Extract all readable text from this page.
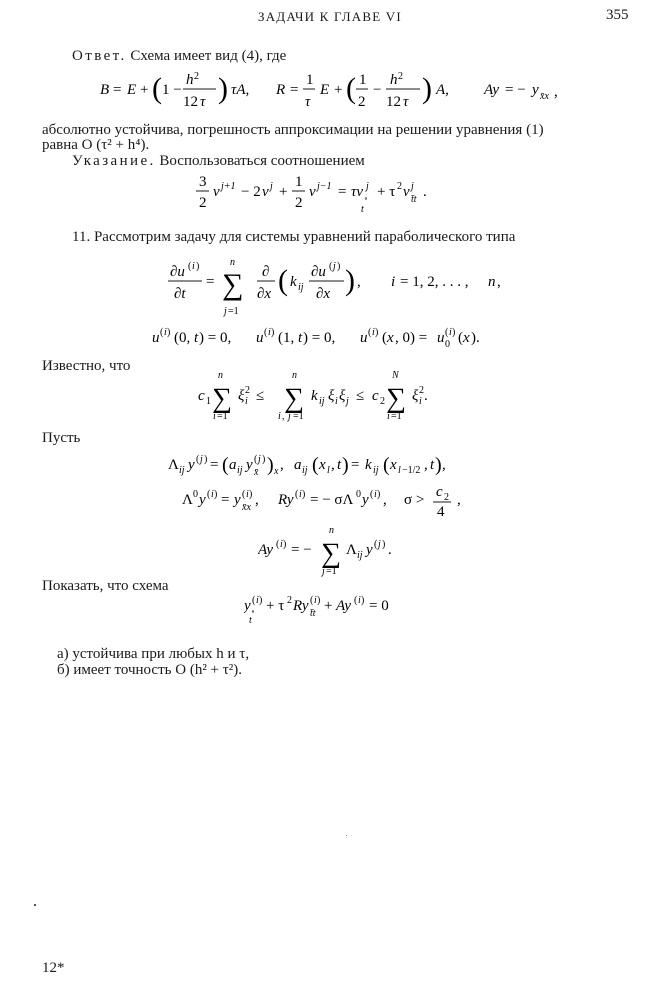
ЗАДАЧИ К ГЛАВЕ VI	355
Ответ. Схема имеет вид (4), где
B = E + ( 1 −
h 2
12 τ ) τA, R =
1
τ
E + ( 1
2
−
h 2
12 τ ) A, Ay = − y x̄x ,
абсолютно устойчива, погрешность аппроксимации на решении уравнения (1)
равна O (τ² + h⁴).
Указание. Воспользоваться соотношением
3
2
v j+1 − 2 v j +
1
2
v j−1 = τv j
∘
t
+ τ 2 v j
t̄t .
11. Рассмотрим задачу для системы уравнений параболического типа
∂u ( i )
∂t
=
n
∑
j =1
∂
∂x ( k ij
∂u ( j )
∂x ) , i = 1, 2, . . . , n ,
u ( i ) (0, t ) = 0, u ( i ) (1, t ) = 0, u ( i ) ( x , 0) = u ( i )
0 ( x ).
Известно, что
c 1
n
∑
i =1
ξ 2
i ≤
n
∑
i , j =1
k ij ξ i ξ j ≤ c 2
N
∑
i =1
ξ 2
i .
Пусть
Λ ij y ( j ) = ( a ij y ( j )
x̄ ) x , a ij ( x l , t ) = k ij ( x l −1/2 , t ) ,
Λ 0 y ( i ) = y ( i )
x̄x , Ry ( i ) = − σΛ 0 y ( i ) , σ > c 2
4
,
Ay ( i ) = −
n
∑
j =1
Λ ij y ( j ) .
Показать, что схема
y ( i )
∘
t
+ τ 2 Ry ( i )
t̄t + Ay ( i ) = 0
а) устойчива при любых h и τ,
б) имеет точность O (h² + τ²).
12*
